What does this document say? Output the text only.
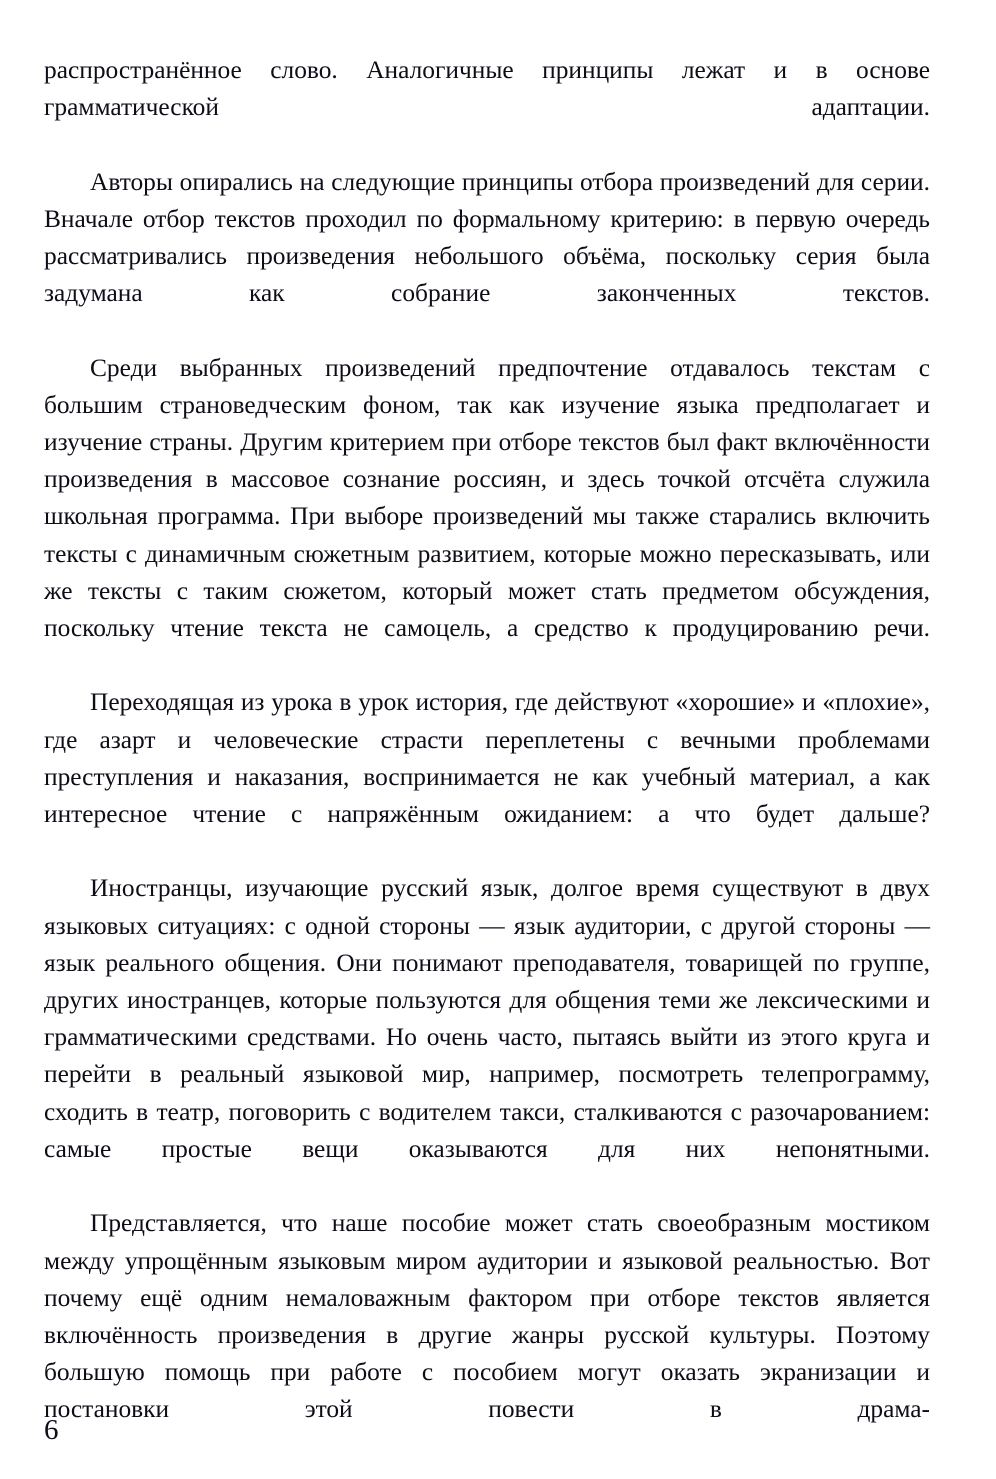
распространённое слово. Аналогичные принципы лежат и в основе грамматической адаптации.

Авторы опирались на следующие принципы отбора произведений для серии. Вначале отбор текстов проходил по формальному критерию: в первую очередь рассматривались произведения небольшого объёма, поскольку серия была задумана как собрание законченных текстов.

Среди выбранных произведений предпочтение отдавалось текстам с большим страноведческим фоном, так как изучение языка предполагает и изучение страны. Другим критерием при отборе текстов был факт включённости произведения в массовое сознание россиян, и здесь точкой отсчёта служила школьная программа. При выборе произведений мы также старались включить тексты с динамичным сюжетным развитием, которые можно пересказывать, или же тексты с таким сюжетом, который может стать предметом обсуждения, поскольку чтение текста не самоцель, а средство к продуцированию речи.

Переходящая из урока в урок история, где действуют «хорошие» и «плохие», где азарт и человеческие страсти переплетены с вечными проблемами преступления и наказания, воспринимается не как учебный материал, а как интересное чтение с напряжённым ожиданием: а что будет дальше?

Иностранцы, изучающие русский язык, долгое время существуют в двух языковых ситуациях: с одной стороны — язык аудитории, с другой стороны — язык реального общения. Они понимают преподавателя, товарищей по группе, других иностранцев, которые пользуются для общения теми же лексическими и грамматическими средствами. Но очень часто, пытаясь выйти из этого круга и перейти в реальный языковой мир, например, посмотреть телепрограмму, сходить в театр, поговорить с водителем такси, сталкиваются с разочарованием: самые простые вещи оказываются для них непонятными.

Представляется, что наше пособие может стать своеобразным мостиком между упрощённым языковым миром аудитории и языковой реальностью. Вот почему ещё одним немаловажным фактором при отборе текстов является включённость произведения в другие жанры русской культуры. Поэтому большую помощь при работе с пособием могут оказать экранизации и постановки этой повести в драма-

6
